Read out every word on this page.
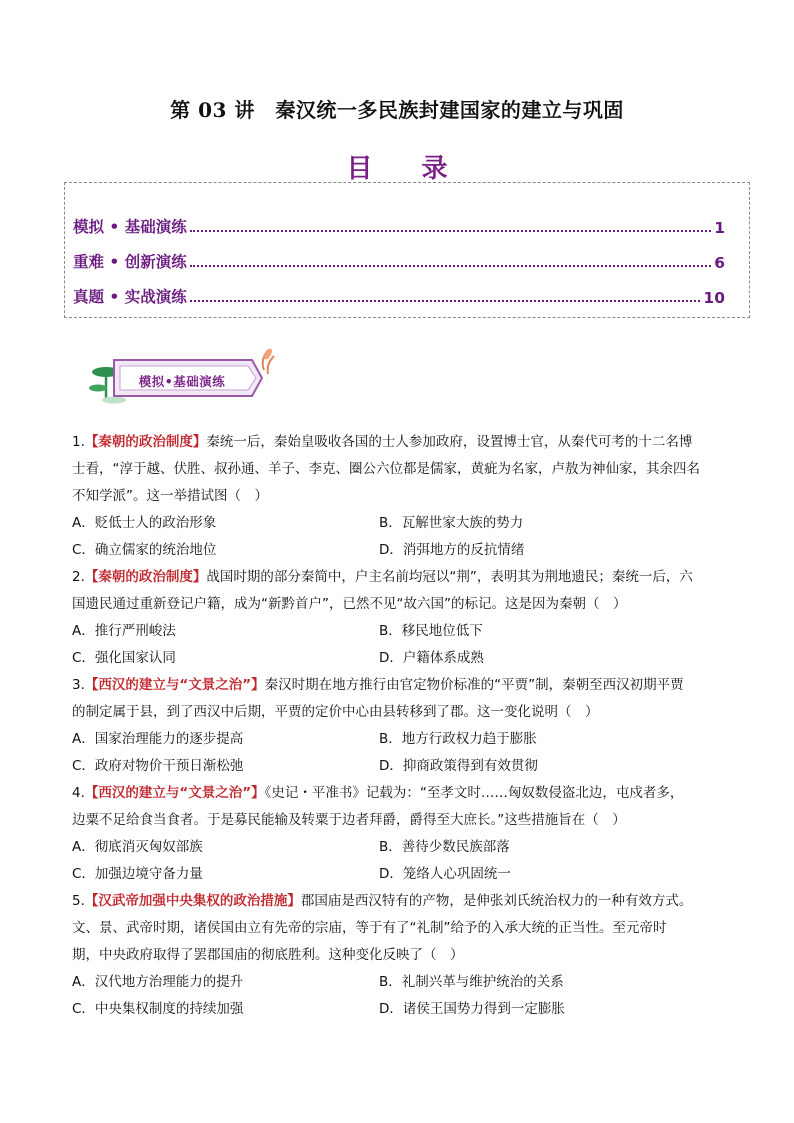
第 03 讲　秦汉统一多民族封建国家的建立与巩固
目 录
模拟 • 基础演练	1
重难 • 创新演练	6
真题 • 实战演练	10
模拟•基础演练
1.【秦朝的政治制度】秦统一后，秦始皇吸收各国的士人参加政府，设置博士官，从秦代可考的十二名博
士看，“淳于越、伏胜、叔孙通、羊子、李克、圈公六位都是儒家，黄疵为名家，卢敖为神仙家，其余四名
不知学派”。这一举措试图（　）
A．贬低士人的政治形象	B．瓦解世家大族的势力
C．确立儒家的统治地位	D．消弭地方的反抗情绪
2.【秦朝的政治制度】战国时期的部分秦简中，户主名前均冠以“荆”，表明其为荆地遗民；秦统一后，六
国遗民通过重新登记户籍，成为“新黔首户”，已然不见“故六国”的标记。这是因为秦朝（　）
A．推行严刑峻法	B．移民地位低下
C．强化国家认同	D．户籍体系成熟
3.【西汉的建立与“文景之治”】秦汉时期在地方推行由官定物价标准的“平贾”制，秦朝至西汉初期平贾
的制定属于县，到了西汉中后期，平贾的定价中心由县转移到了郡。这一变化说明（　）
A．国家治理能力的逐步提高	B．地方行政权力趋于膨胀
C．政府对物价干预日渐松弛	D．抑商政策得到有效贯彻
4.【西汉的建立与“文景之治”】《史记・平准书》记载为：“至孝文时……匈奴数侵盗北边，屯戍者多，
边粟不足给食当食者。于是募民能输及转粟于边者拜爵，爵得至大庶长。”这些措施旨在（　）
A．彻底消灭匈奴部族	B．善待少数民族部落
C．加强边境守备力量	D．笼络人心巩固统一
5.【汉武帝加强中央集权的政治措施】郡国庙是西汉特有的产物，是伸张刘氏统治权力的一种有效方式。
文、景、武帝时期，诸侯国由立有先帝的宗庙，等于有了“礼制”给予的入承大统的正当性。至元帝时
期，中央政府取得了罢郡国庙的彻底胜利。这种变化反映了（　）
A．汉代地方治理能力的提升	B．礼制兴革与维护统治的关系
C．中央集权制度的持续加强	D．诸侯王国势力得到一定膨胀
